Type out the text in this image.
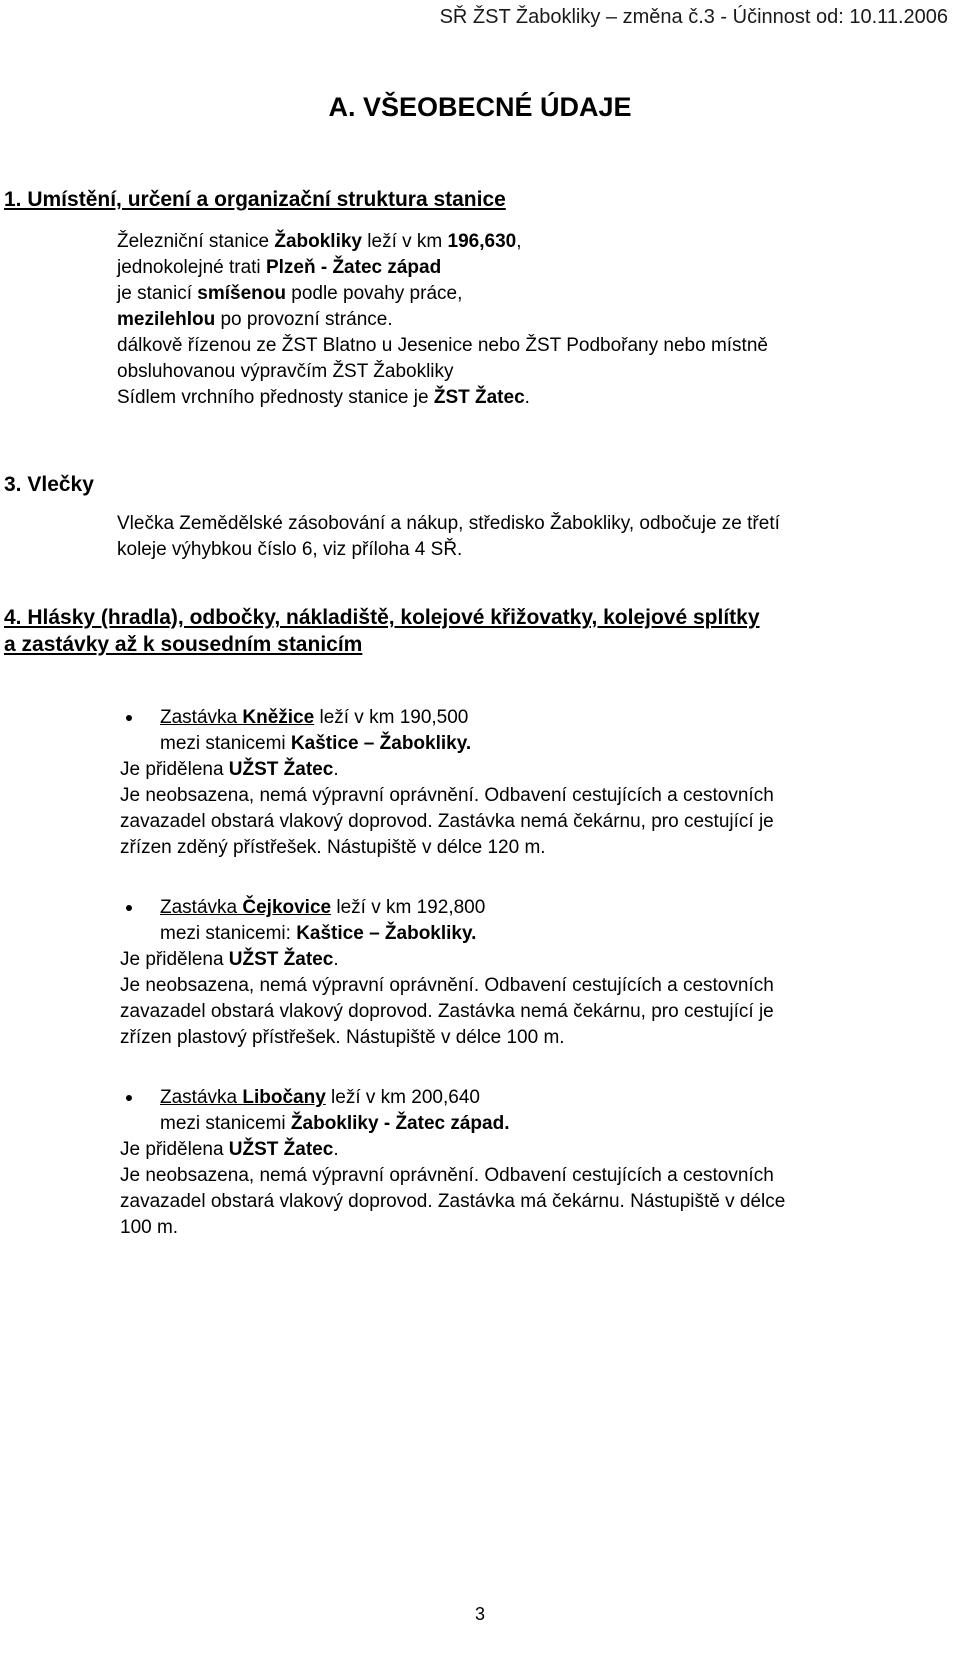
SŘ ŽST Žabokliky – změna č.3 - Účinnost od: 10.11.2006
A. VŠEOBECNÉ ÚDAJE
1. Umístění, určení a organizační struktura stanice
Železniční stanice Žabokliky leží v km 196,630,
jednokolejné trati Plzeň - Žatec západ
je stanicí smíšenou podle povahy práce,
mezilehlou po provozní stránce.
dálkově řízenou ze ŽST Blatno u Jesenice nebo ŽST Podbořany nebo místně
obsluhovanou výpravčím ŽST Žabokliky
Sídlem vrchního přednosty stanice je ŽST Žatec.
3. Vlečky
Vlečka Zemědělské zásobování a nákup, středisko Žabokliky, odbočuje ze třetí
koleje výhybkou číslo 6, viz příloha 4 SŘ.
4. Hlásky (hradla), odbočky, nákladiště, kolejové křižovatky, kolejové splítky
a zastávky až k sousedním stanicím
Zastávka Kněžice leží v km 190,500
mezi stanicemi Kaštice – Žabokliky.
Je přidělena UŽST Žatec.
Je neobsazena, nemá výpravní oprávnění. Odbavení cestujících a cestovních
zavazadel obstará vlakový doprovod. Zastávka nemá čekárnu, pro cestující je
zřízen zděný přístřešek. Nástupiště v délce 120 m.
Zastávka Čejkovice leží v km 192,800
mezi stanicemi: Kaštice – Žabokliky.
Je přidělena UŽST Žatec.
Je neobsazena, nemá výpravní oprávnění. Odbavení cestujících a cestovních
zavazadel obstará vlakový doprovod. Zastávka nemá čekárnu, pro cestující je
zřízen plastový přístřešek. Nástupiště v délce 100 m.
Zastávka Libočany leží v km 200,640
mezi stanicemi Žabokliky - Žatec západ.
Je přidělena UŽST Žatec.
Je neobsazena, nemá výpravní oprávnění. Odbavení cestujících a cestovních
zavazadel obstará vlakový doprovod. Zastávka má čekárnu. Nástupiště v délce
100 m.
3
